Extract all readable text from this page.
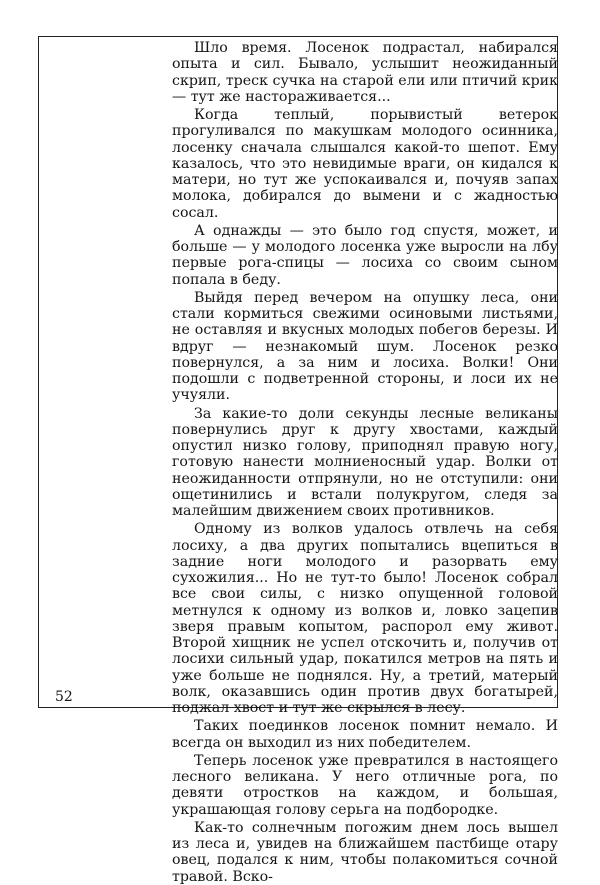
Шло время. Лосенок подрастал, набирался опыта и сил. Бывало, услышит неожиданный скрип, треск сучка на старой ели или птичий крик — тут же настораживается...

Когда теплый, порывистый ветерок прогуливался по макушкам молодого осинника, лосенку сначала слышался какой-то шепот. Ему казалось, что это невидимые враги, он кидался к матери, но тут же успокаивался и, почуяв запах молока, добирался до вымени и с жадностью сосал.

А однажды — это было год спустя, может, и больше — у молодого лосенка уже выросли на лбу первые рога-спицы — лосиха со своим сыном попала в беду.

Выйдя перед вечером на опушку леса, они стали кормиться свежими осиновыми листьями, не оставляя и вкусных молодых побегов березы. И вдруг — незнакомый шум. Лосенок резко повернулся, а за ним и лосиха. Волки! Они подошли с подветренной стороны, и лоси их не учуяли.

За какие-то доли секунды лесные великаны повернулись друг к другу хвостами, каждый опустил низко голову, приподнял правую ногу, готовую нанести молниеносный удар. Волки от неожиданности отпрянули, но не отступили: они ощетинились и встали полукругом, следя за малейшим движением своих противников.

Одному из волков удалось отвлечь на себя лосиху, а два других попытались вцепиться в задние ноги молодого и разорвать ему сухожилия... Но не тут-то было! Лосенок собрал все свои силы, с низко опущенной головой метнулся к одному из волков и, ловко зацепив зверя правым копытом, распорол ему живот. Второй хищник не успел отскочить и, получив от лосихи сильный удар, покатился метров на пять и уже больше не поднялся. Ну, а третий, матерый волк, оказавшись один против двух богатырей, поджал хвост и тут же скрылся в лесу.

Таких поединков лосенок помнит немало. И всегда он выходил из них победителем.

Теперь лосенок уже превратился в настоящего лесного великана. У него отличные рога, по девяти отростков на каждом, и большая, украшающая голову серьга на подбородке.

Как-то солнечным погожим днем лось вышел из леса и, увидев на ближайшем пастбище отару овец, подался к ним, чтобы полакомиться сочной травой. Вско-

52
